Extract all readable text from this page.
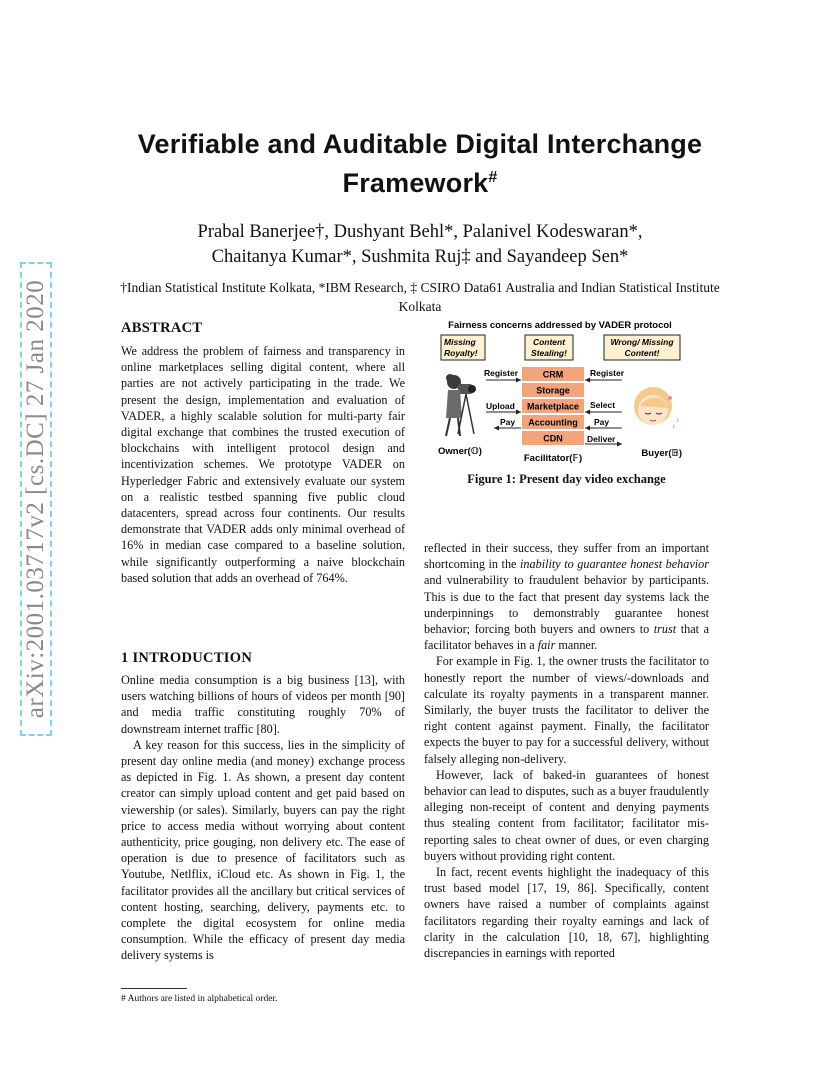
arXiv:2001.03717v2 [cs.DC] 27 Jan 2020
Verifiable and Auditable Digital Interchange Framework#
Prabal Banerjee†, Dushyant Behl*, Palanivel Kodeswaran*,
Chaitanya Kumar*, Sushmita Ruj‡ and Sayandeep Sen*
†Indian Statistical Institute Kolkata, *IBM Research, ‡ CSIRO Data61 Australia and Indian Statistical Institute Kolkata
ABSTRACT

We address the problem of fairness and transparency in online marketplaces selling digital content, where all parties are not actively participating in the trade. We present the design, implementation and evaluation of VADER, a highly scalable solution for multi-party fair digital exchange that combines the trusted execution of blockchains with intelligent protocol design and incentivization schemes. We prototype VADER on Hyperledger Fabric and extensively evaluate our system on a realistic testbed spanning five public cloud datacenters, spread across four continents. Our results demonstrate that VADER adds only minimal overhead of 16% in median case compared to a baseline solution, while significantly outperforming a naive blockchain based solution that adds an overhead of 764%.

1 INTRODUCTION

Online media consumption is a big business [13], with users watching billions of hours of videos per month [90] and media traffic constituting roughly 70% of downstream internet traffic [80].

A key reason for this success, lies in the simplicity of present day online media (and money) exchange process as depicted in Fig. 1. As shown, a present day content creator can simply upload content and get paid based on viewership (or sales). Similarly, buyers can pay the right price to access media without worrying about content authenticity, price gouging, non delivery etc. The ease of operation is due to presence of facilitators such as Youtube, Netlflix, iCloud etc. As shown in Fig. 1, the facilitator provides all the ancillary but critical services of content hosting, searching, delivery, payments etc. to complete the digital ecosystem for online media consumption. While the efficacy of present day media delivery systems is

# Authors are listed in alphabetical order.
Fairness concerns addressed by VADER protocol
Missing
Royalty!
Content
Stealing!
Wrong/ Missing
Content!
CRM
Storage
Marketplace
Accounting
CDN
Register
Upload
Pay
Register
Select
Pay
Deliver
♪
♪
Owner(𝕆)
Facilitator(𝔽)	Buyer(𝔹)
Figure 1: Present day video exchange

reflected in their success, they suffer from an important shortcoming in the inability to guarantee honest behavior and vulnerability to fraudulent behavior by participants. This is due to the fact that present day systems lack the underpinnings to demonstrably guarantee honest behavior; forcing both buyers and owners to trust that a facilitator behaves in a fair manner.

For example in Fig. 1, the owner trusts the facilitator to honestly report the number of views/-downloads and calculate its royalty payments in a transparent manner. Similarly, the buyer trusts the facilitator to deliver the right content against payment. Finally, the facilitator expects the buyer to pay for a successful delivery, without falsely alleging non-delivery.

However, lack of baked-in guarantees of honest behavior can lead to disputes, such as a buyer fraudulently alleging non-receipt of content and denying payments thus stealing content from facilitator; facilitator mis-reporting sales to cheat owner of dues, or even charging buyers without providing right content.

In fact, recent events highlight the inadequacy of this trust based model [17, 19, 86]. Specifically, content owners have raised a number of complaints against facilitators regarding their royalty earnings and lack of clarity in the calculation [10, 18, 67], highlighting discrepancies in earnings with reported
